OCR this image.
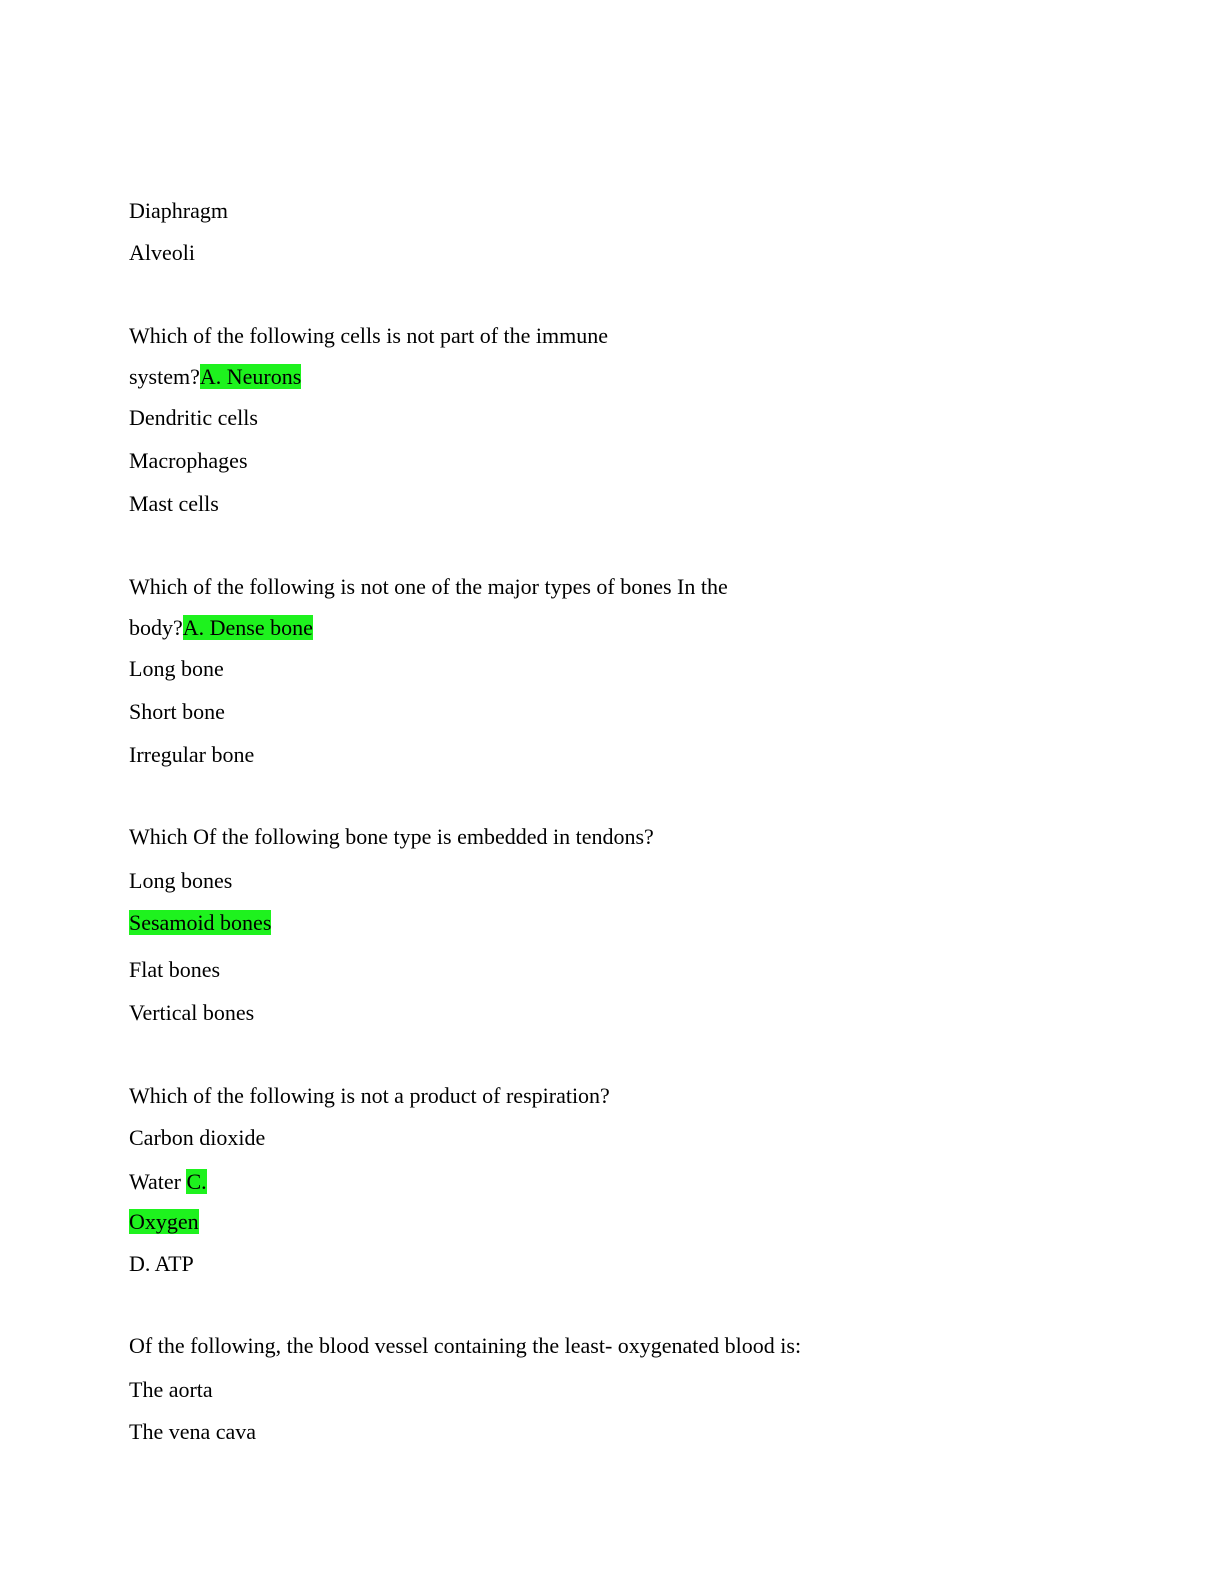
Diaphragm
Alveoli
Which of the following cells is not part of the immune
system?A. Neurons
Dendritic cells
Macrophages
Mast cells
Which of the following is not one of the major types of bones In the
body?A. Dense bone
Long bone
Short bone
Irregular bone
Which Of the following bone type is embedded in tendons?
Long bones
Sesamoid bones
Flat bones
Vertical bones
Which of the following is not a product of respiration?
Carbon dioxide
Water C.
Oxygen
D. ATP
Of the following, the blood vessel containing the least- oxygenated blood is:
The aorta
The vena cava
